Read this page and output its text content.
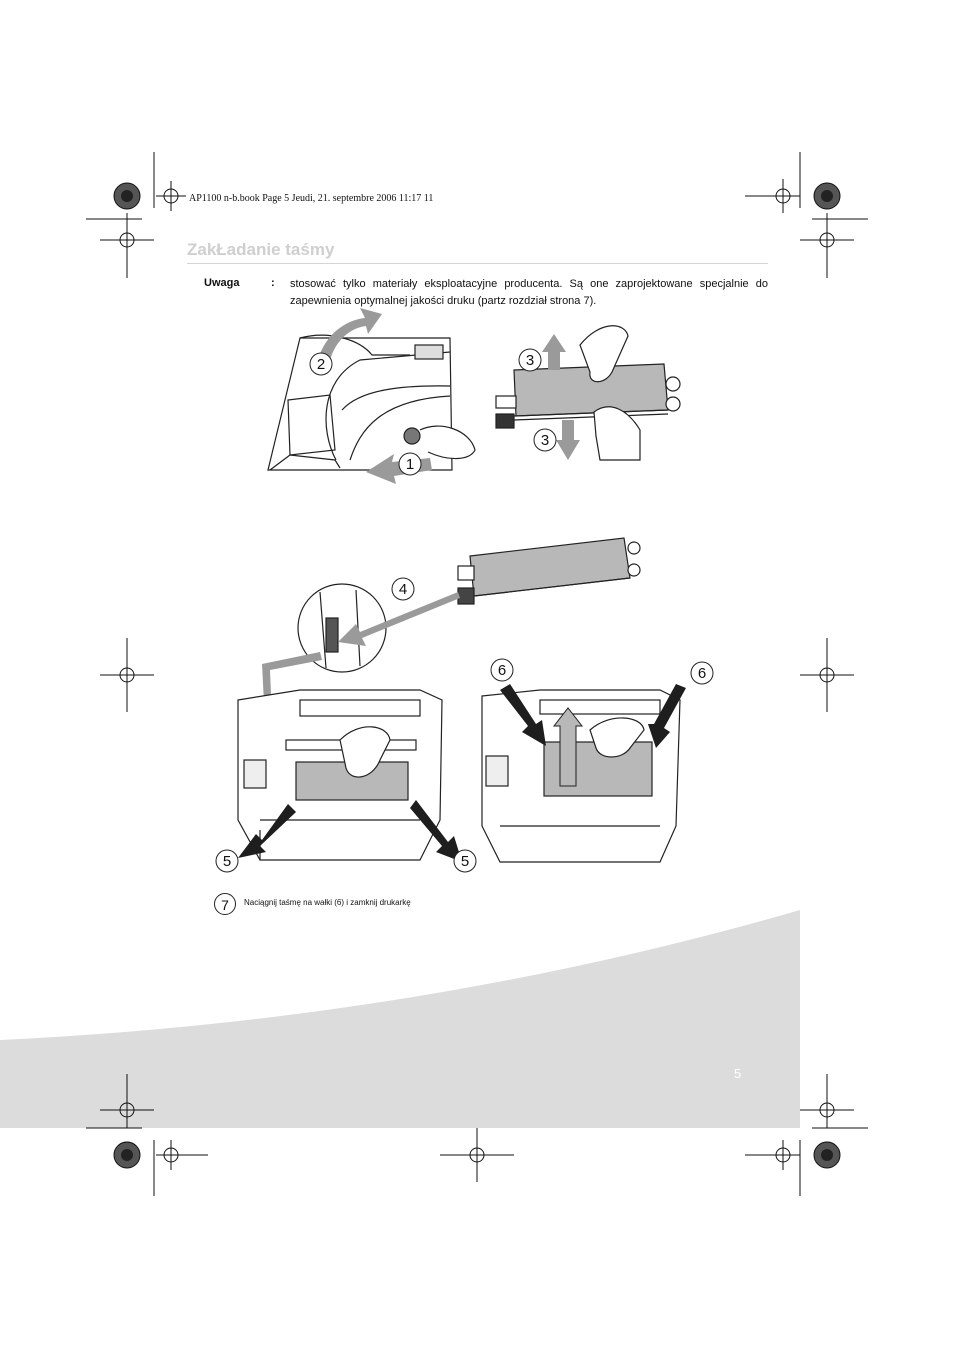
AP1100 n-b.book Page 5 Jeudi, 21. septembre 2006 11:17 11
ZakŁadanie taśmy
Uwaga	: stosować tylko materiały eksploatacyjne producenta. Są one zaprojektowane specjalnie do zapewnienia optymalnej jakości druku (partz rozdział strona 7).
2
1
3
3
4
5	5
6	6
7	Naciągnij taśmę na wałki (6) i zamknij drukarkę
5
